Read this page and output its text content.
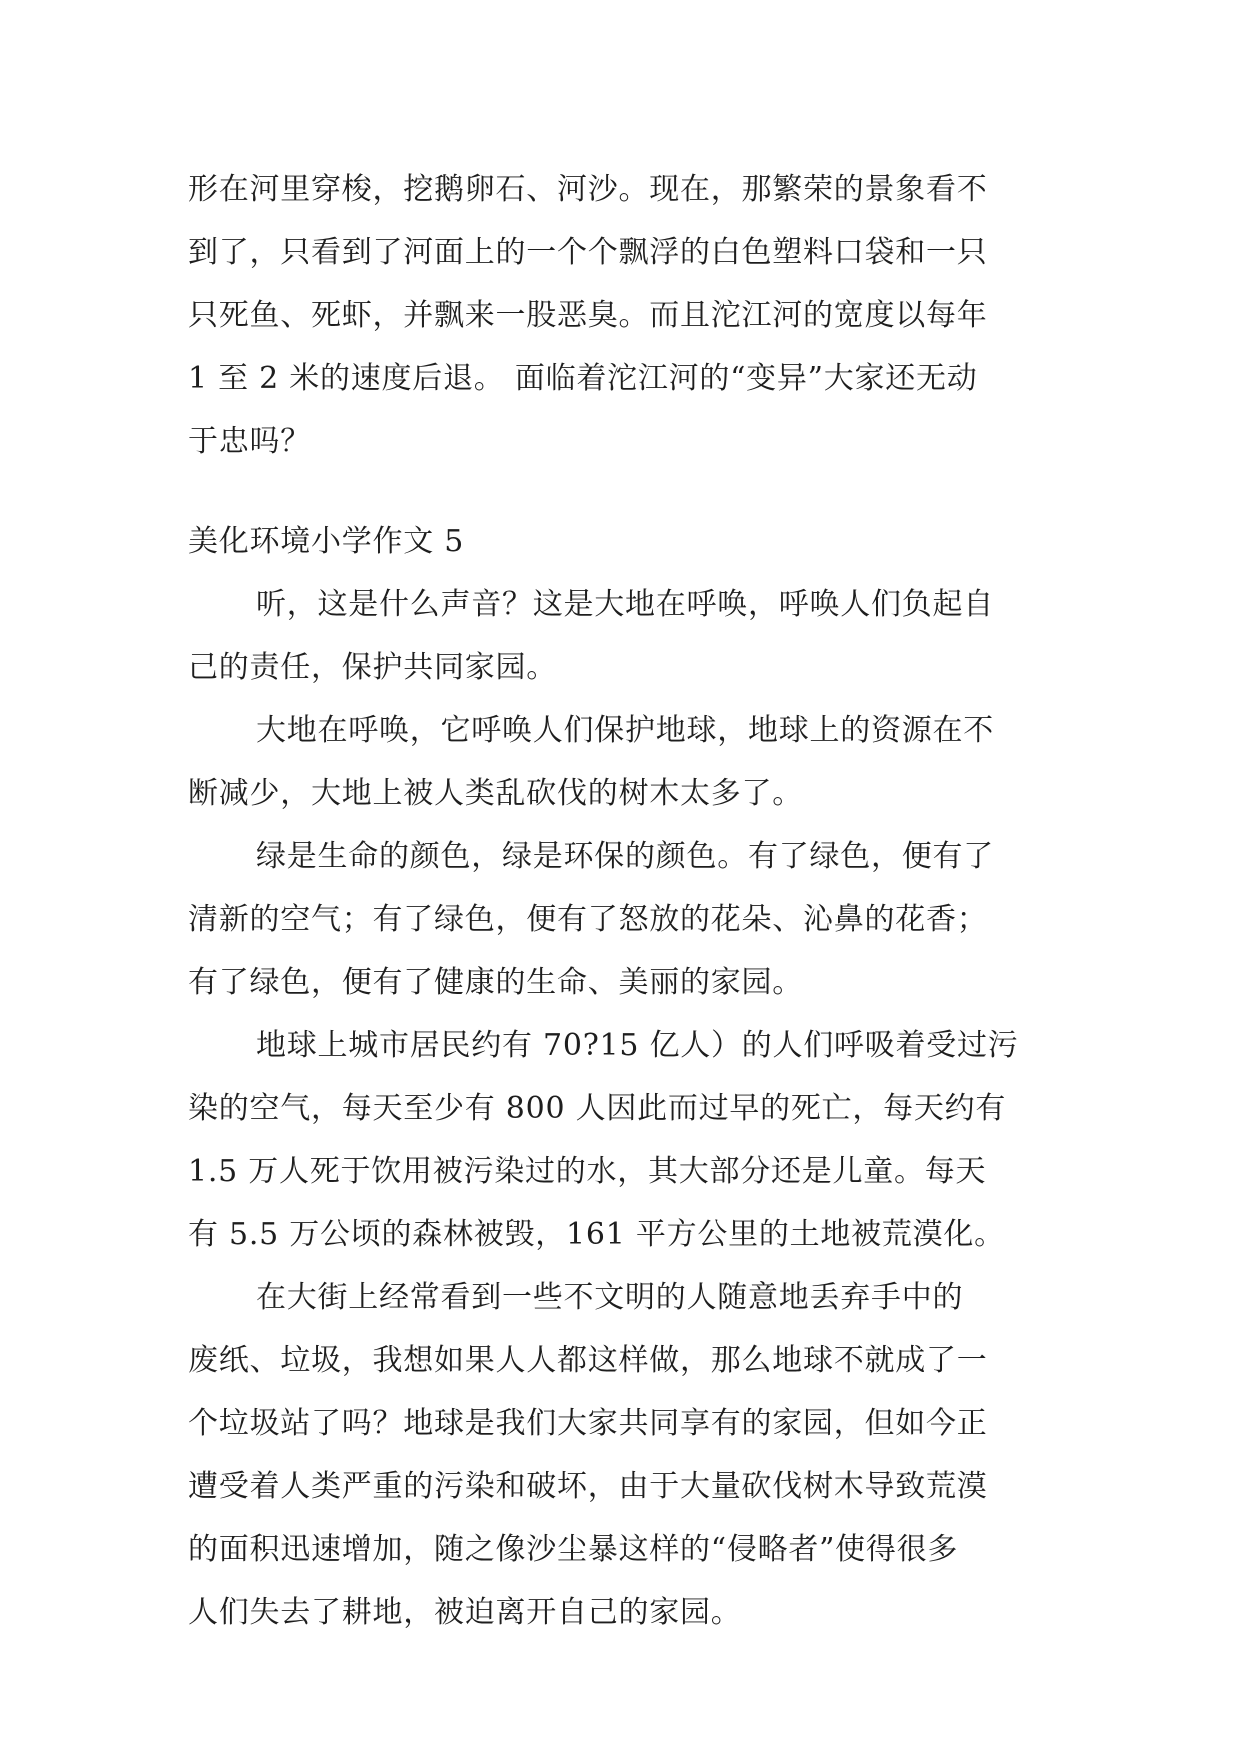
形在河里穿梭，挖鹅卵石、河沙。现在，那繁荣的景象看不
到了，只看到了河面上的一个个飘浮的白色塑料口袋和一只
只死鱼、死虾，并飘来一股恶臭。而且沱江河的宽度以每年
1 至 2 米的速度后退。 面临着沱江河的“变异”大家还无动
于忠吗？
美化环境小学作文 5
听，这是什么声音？这是大地在呼唤，呼唤人们负起自
己的责任，保护共同家园。
大地在呼唤，它呼唤人们保护地球，地球上的资源在不
断减少，大地上被人类乱砍伐的树木太多了。
绿是生命的颜色，绿是环保的颜色。有了绿色，便有了
清新的空气；有了绿色，便有了怒放的花朵、沁鼻的花香；
有了绿色，便有了健康的生命、美丽的家园。
地球上城市居民约有 70?15 亿人）的人们呼吸着受过污
染的空气，每天至少有 800 人因此而过早的死亡，每天约有
1.5 万人死于饮用被污染过的水，其大部分还是儿童。每天
有 5.5 万公顷的森林被毁，161 平方公里的土地被荒漠化。
在大街上经常看到一些不文明的人随意地丢弃手中的
废纸、垃圾，我想如果人人都这样做，那么地球不就成了一
个垃圾站了吗？地球是我们大家共同享有的家园，但如今正
遭受着人类严重的污染和破坏，由于大量砍伐树木导致荒漠
的面积迅速增加，随之像沙尘暴这样的“侵略者”使得很多
人们失去了耕地，被迫离开自己的家园。
